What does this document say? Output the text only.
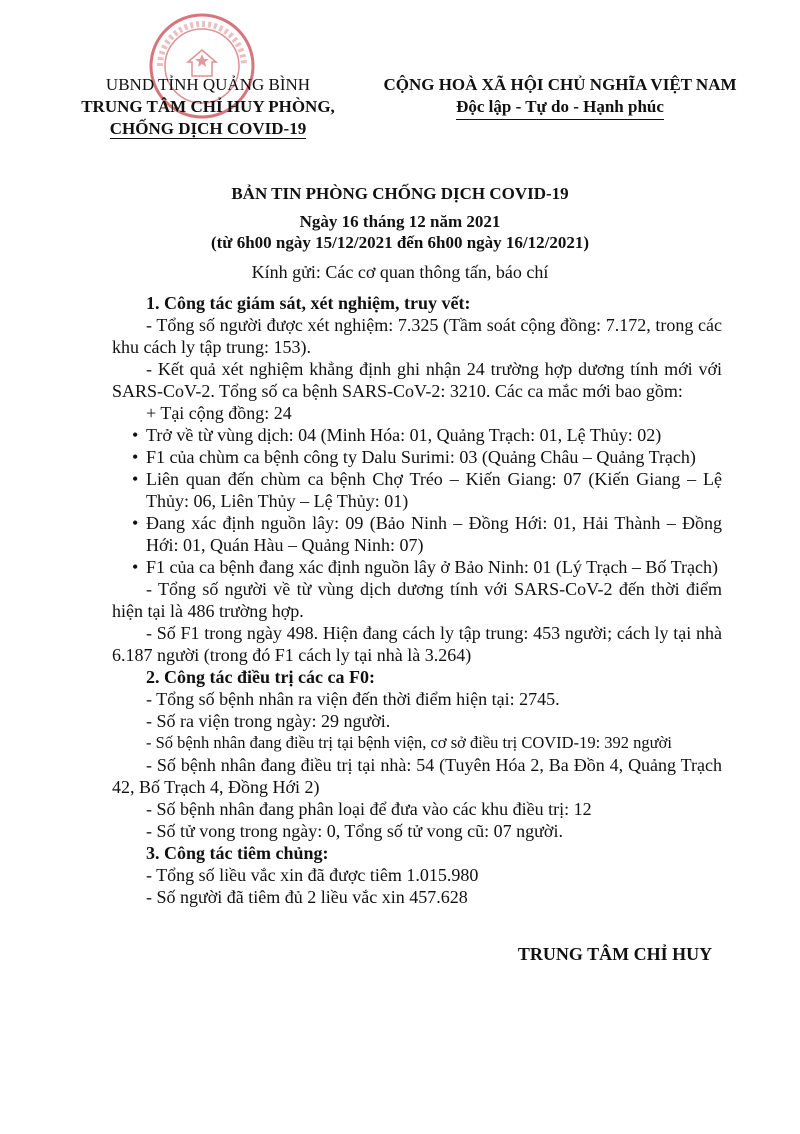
UBND TỈNH QUẢNG BÌNH
TRUNG TÂM CHỈ HUY PHÒNG,
CHỐNG DỊCH COVID-19
CỘNG HOÀ XÃ HỘI CHỦ NGHĨA VIỆT NAM
Độc lập - Tự do - Hạnh phúc
BẢN TIN PHÒNG CHỐNG DỊCH COVID-19
Ngày 16 tháng 12 năm 2021
(từ 6h00 ngày 15/12/2021 đến 6h00 ngày 16/12/2021)
Kính gửi: Các cơ quan thông tấn, báo chí

1. Công tác giám sát, xét nghiệm, truy vết:

- Tổng số người được xét nghiệm: 7.325 (Tầm soát cộng đồng: 7.172, trong các khu cách ly tập trung: 153).

- Kết quả xét nghiệm khẳng định ghi nhận 24 trường hợp dương tính mới với SARS-CoV-2. Tổng số ca bệnh SARS-CoV-2: 3210. Các ca mắc mới bao gồm:

+ Tại cộng đồng: 24

• Trở về từ vùng dịch: 04 (Minh Hóa: 01, Quảng Trạch: 01, Lệ Thủy: 02)

• F1 của chùm ca bệnh công ty Dalu Surimi: 03 (Quảng Châu – Quảng Trạch)

• Liên quan đến chùm ca bệnh Chợ Tréo – Kiến Giang: 07 (Kiến Giang – Lệ Thủy: 06, Liên Thủy – Lệ Thủy: 01)

• Đang xác định nguồn lây: 09 (Bảo Ninh – Đồng Hới: 01, Hải Thành – Đồng Hới: 01, Quán Hàu – Quảng Ninh: 07)

• F1 của ca bệnh đang xác định nguồn lây ở Bảo Ninh: 01 (Lý Trạch – Bố Trạch)

- Tổng số người về từ vùng dịch dương tính với SARS-CoV-2 đến thời điểm hiện tại là 486 trường hợp.

- Số F1 trong ngày 498. Hiện đang cách ly tập trung: 453 người; cách ly tại nhà 6.187 người (trong đó F1 cách ly tại nhà là 3.264)

2. Công tác điều trị các ca F0:

- Tổng số bệnh nhân ra viện đến thời điểm hiện tại: 2745.

- Số ra viện trong ngày: 29 người.

- Số bệnh nhân đang điều trị tại bệnh viện, cơ sở điều trị COVID-19: 392 người

- Số bệnh nhân đang điều trị tại nhà: 54 (Tuyên Hóa 2, Ba Đồn 4, Quảng Trạch 42, Bố Trạch 4, Đồng Hới 2)

- Số bệnh nhân đang phân loại để đưa vào các khu điều trị: 12

- Số tử vong trong ngày: 0, Tổng số tử vong cũ: 07 người.

3. Công tác tiêm chủng:

- Tổng số liều vắc xin đã được tiêm 1.015.980

- Số người đã tiêm đủ 2 liều vắc xin 457.628

TRUNG TÂM CHỈ HUY
